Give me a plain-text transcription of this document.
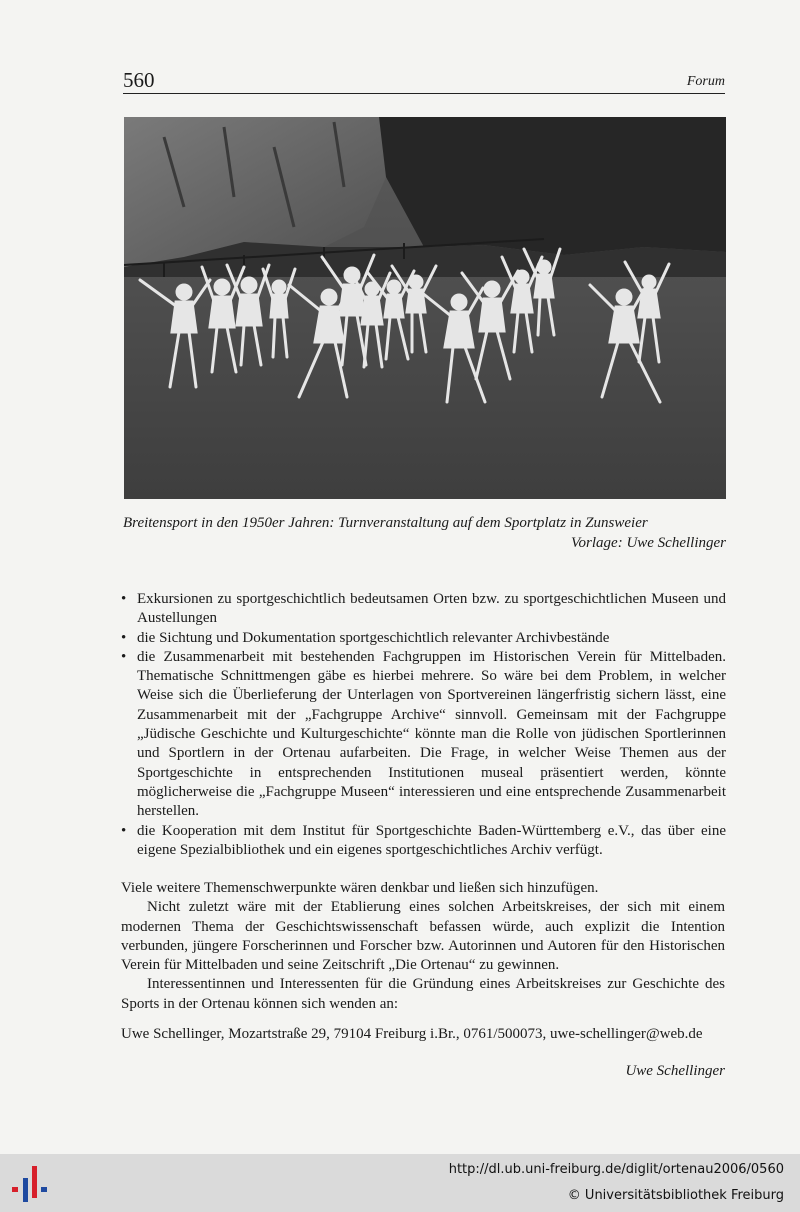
560	Forum
Breitensport in den 1950er Jahren: Turnveranstaltung auf dem Sportplatz in Zunsweier
Vorlage: Uwe Schellinger
• Exkursionen zu sportgeschichtlich bedeutsamen Orten bzw. zu sportgeschichtlichen Museen und Austellungen
• die Sichtung und Dokumentation sportgeschichtlich relevanter Archivbestände
• die Zusammenarbeit mit bestehenden Fachgruppen im Historischen Verein für Mittelbaden. Thematische Schnittmengen gäbe es hierbei mehrere. So wäre bei dem Problem, in welcher Weise sich die Überlieferung der Unterlagen von Sportvereinen längerfristig sichern lässt, eine Zusammenarbeit mit der „Fachgruppe Archive“ sinnvoll. Gemeinsam mit der Fachgruppe „Jüdische Geschichte und Kulturgeschichte“ könnte man die Rolle von jüdischen Sportlerinnen und Sportlern in der Ortenau aufarbeiten. Die Frage, in welcher Weise Themen aus der Sportgeschichte in entsprechenden Institutionen museal präsentiert werden, könnte möglicherweise die „Fachgruppe Museen“ interessieren und eine entsprechende Zusammenarbeit herstellen.
• die Kooperation mit dem Institut für Sportgeschichte Baden-Württemberg e.V., das über eine eigene Spezialbibliothek und ein eigenes sportgeschichtliches Archiv verfügt.

Viele weitere Themenschwerpunkte wären denkbar und ließen sich hinzufügen.

Nicht zuletzt wäre mit der Etablierung eines solchen Arbeitskreises, der sich mit einem modernen Thema der Geschichtswissenschaft befassen würde, auch explizit die Intention verbunden, jüngere Forscherinnen und Forscher bzw. Autorinnen und Autoren für den Historischen Verein für Mittelbaden und seine Zeitschrift „Die Ortenau“ zu gewinnen.

Interessentinnen und Interessenten für die Gründung eines Arbeitskreises zur Geschichte des Sports in der Ortenau können sich wenden an:

Uwe Schellinger, Mozartstraße 29, 79104 Freiburg i.Br., 0761/500073, uwe-schellinger@web.de

Uwe Schellinger
http://dl.ub.uni-freiburg.de/diglit/ortenau2006/0560
© Universitätsbibliothek Freiburg
